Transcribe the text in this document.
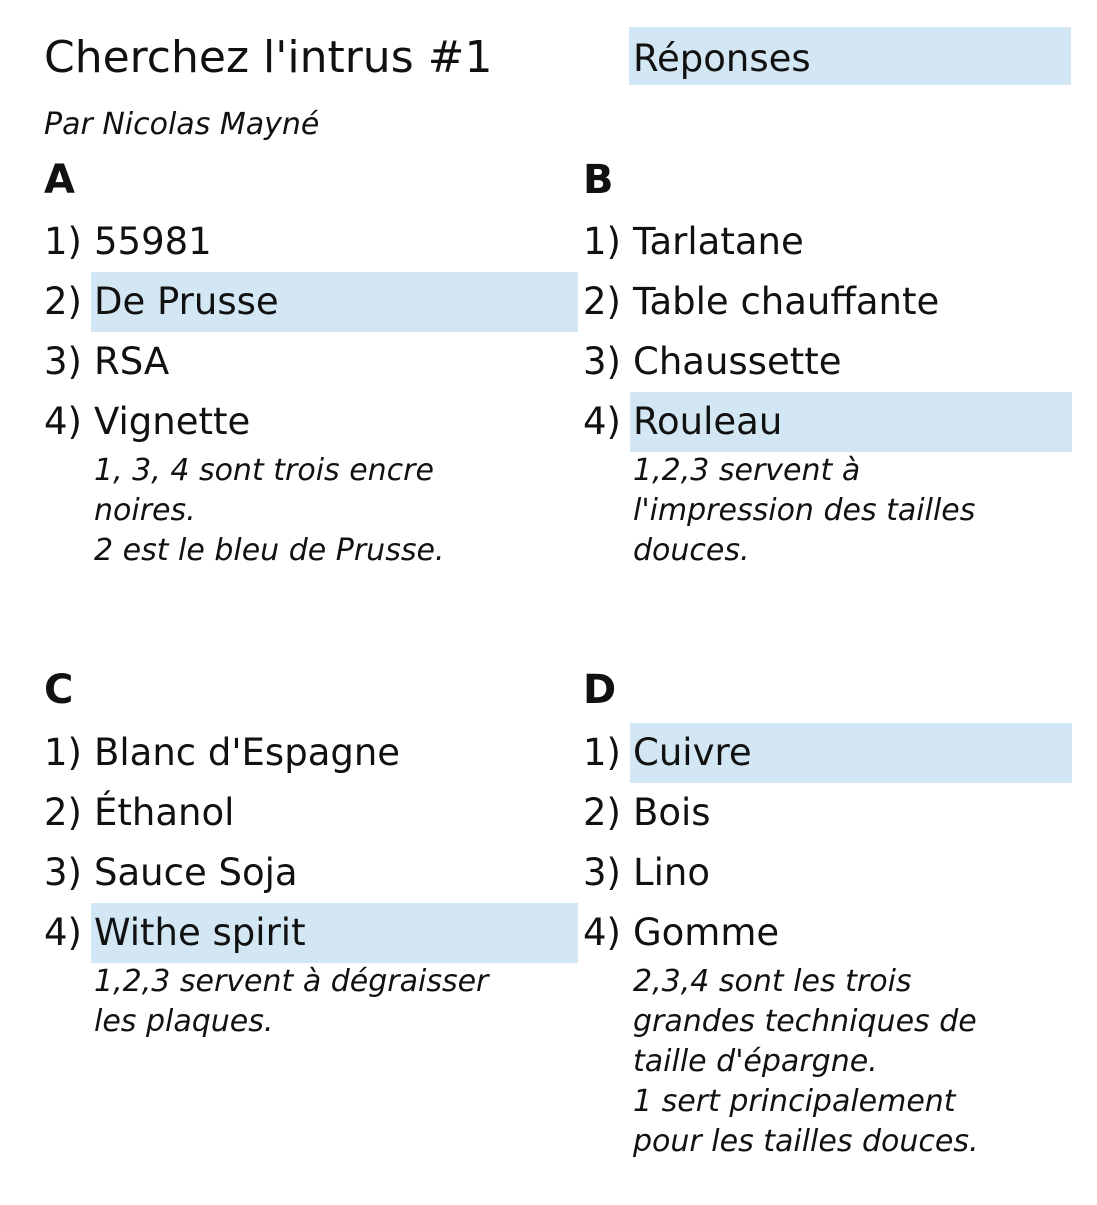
Cherchez l'intrus #1	Réponses
Par Nicolas Mayné
A
1) 55981
2) De Prusse
3) RSA
4) Vignette
1, 3, 4 sont trois encre
noires.
2 est le bleu de Prusse.
B
1) Tarlatane
2) Table chauffante
3) Chaussette
4) Rouleau
1,2,3 servent à
l'impression des tailles
douces.
C
1) Blanc d'Espagne
2) Éthanol
3) Sauce Soja
4) Withe spirit
1,2,3 servent à dégraisser
les plaques.
D
1) Cuivre
2) Bois
3) Lino
4) Gomme
2,3,4 sont les trois
grandes techniques de
taille d'épargne.
1 sert principalement
pour les tailles douces.
